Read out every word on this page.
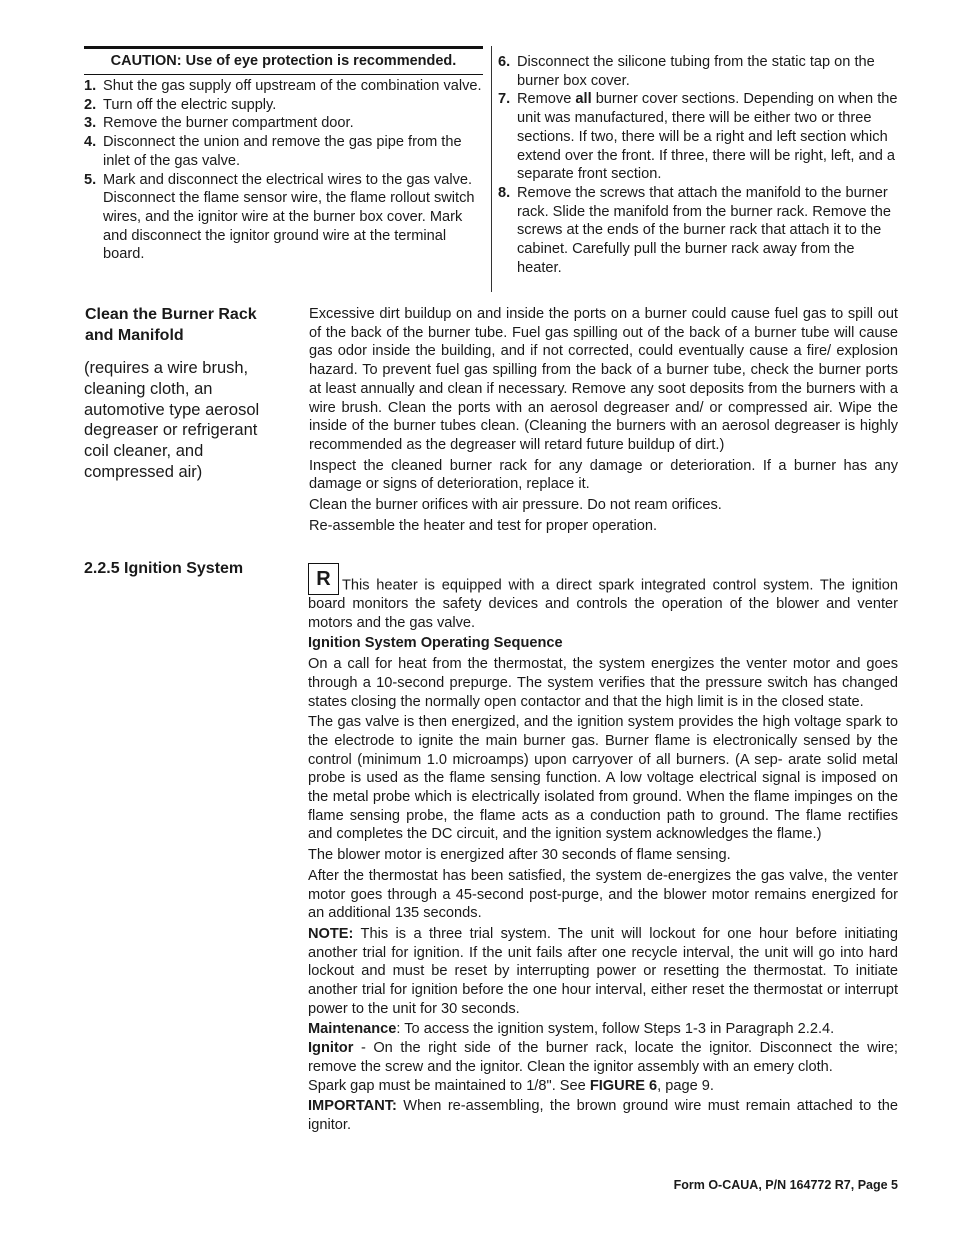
CAUTION: Use of eye protection is recommended.
1. Shut the gas supply off upstream of the combination valve.
2. Turn off the electric supply.
3. Remove the burner compartment door.
4. Disconnect the union and remove the gas pipe from the inlet of the gas valve.
5. Mark and disconnect the electrical wires to the gas valve. Disconnect the flame sensor wire, the flame rollout switch wires, and the ignitor wire at the burner box cover. Mark and disconnect the ignitor ground wire at the terminal board.
6. Disconnect the silicone tubing from the static tap on the burner box cover.
7. Remove all burner cover sections. Depending on when the unit was manufactured, there will be either two or three sections. If two, there will be a right and left section which extend over the front. If three, there will be right, left, and a separate front section.
8. Remove the screws that attach the manifold to the burner rack. Slide the manifold from the burner rack. Remove the screws at the ends of the burner rack that attach it to the cabinet. Carefully pull the burner rack away from the heater.
Clean the Burner Rack and Manifold
(requires a wire brush, cleaning cloth, an automotive type aerosol degreaser or refrigerant coil cleaner, and compressed air)

Excessive dirt buildup on and inside the ports on a burner could cause fuel gas to spill out of the back of the burner tube. Fuel gas spilling out of the back of a burner tube will cause gas odor inside the building, and if not corrected, could eventually cause a fire/ explosion hazard. To prevent fuel gas spilling from the back of a burner tube, check the burner ports at least annually and clean if necessary. Remove any soot deposits from the burners with a wire brush. Clean the ports with an aerosol degreaser and/ or compressed air. Wipe the inside of the burner tubes clean. (Cleaning the burners with an aerosol degreaser is highly recommended as the degreaser will retard future buildup of dirt.)

Inspect the cleaned burner rack for any damage or deterioration. If a burner has any damage or signs of deterioration, replace it.

Clean the burner orifices with air pressure. Do not ream orifices.

Re-assemble the heater and test for proper operation.

2.2.5 Ignition System	R This heater is equipped with a direct spark integrated control system. The ignition board monitors the safety devices and controls the operation of the blower and venter motors and the gas valve.

Ignition System Operating Sequence

On a call for heat from the thermostat, the system energizes the venter motor and goes through a 10-second prepurge. The system verifies that the pressure switch has changed states closing the normally open contactor and that the high limit is in the closed state.

The gas valve is then energized, and the ignition system provides the high voltage spark to the electrode to ignite the main burner gas. Burner flame is electronically sensed by the control (minimum 1.0 microamps) upon carryover of all burners. (A sep- arate solid metal probe is used as the flame sensing function. A low voltage electrical signal is imposed on the metal probe which is electrically isolated from ground. When the flame impinges on the flame sensing probe, the flame acts as a conduction path to ground. The flame rectifies and completes the DC circuit, and the ignition system acknowledges the flame.)

The blower motor is energized after 30 seconds of flame sensing.

After the thermostat has been satisfied, the system de-energizes the gas valve, the venter motor goes through a 45-second post-purge, and the blower motor remains energized for an additional 135 seconds.

NOTE: This is a three trial system. The unit will lockout for one hour before initiating another trial for ignition. If the unit fails after one recycle interval, the unit will go into hard lockout and must be reset by interrupting power or resetting the thermostat. To initiate another trial for ignition before the one hour interval, either reset the thermostat or interrupt power to the unit for 30 seconds.

Maintenance: To access the ignition system, follow Steps 1-3 in Paragraph 2.2.4.

Ignitor - On the right side of the burner rack, locate the ignitor. Disconnect the wire; remove the screw and the ignitor. Clean the ignitor assembly with an emery cloth.

Spark gap must be maintained to 1/8". See FIGURE 6, page 9.

IMPORTANT: When re-assembling, the brown ground wire must remain attached to the ignitor.

Form O-CAUA, P/N 164772 R7, Page 5
